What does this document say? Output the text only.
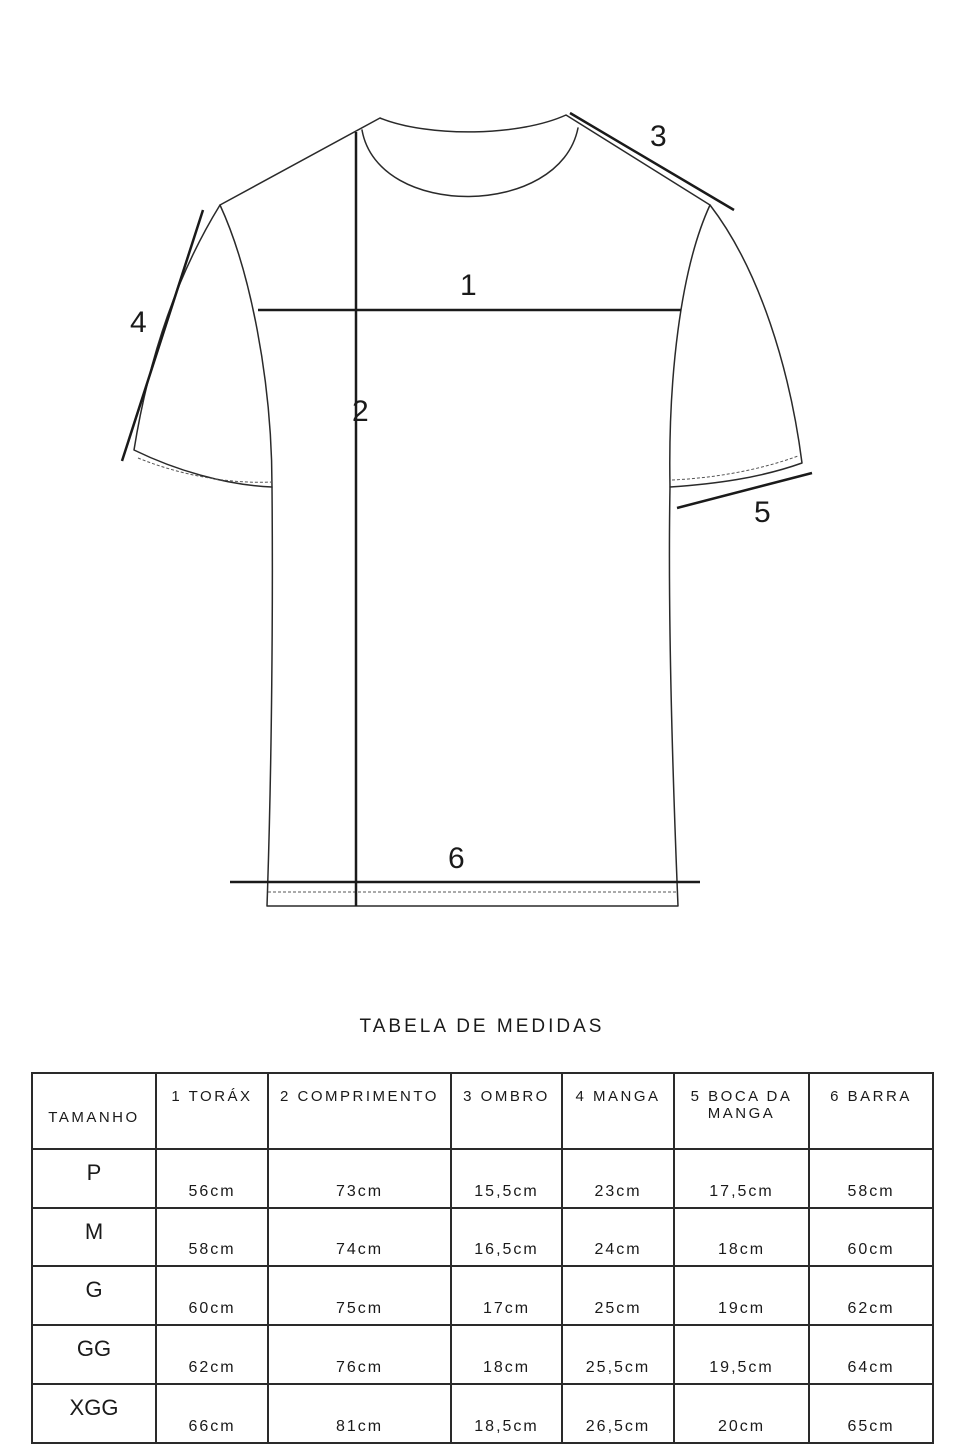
1
2
3
4
5
6
TABELA DE MEDIDAS
TAMANHO	1 TORÁX	2 COMPRIMENTO	3 OMBRO	4 MANGA	5 BOCA DA MANGA	6 BARRA
P	56cm	73cm	15,5cm	23cm	17,5cm	58cm
M	58cm	74cm	16,5cm	24cm	18cm	60cm
G	60cm	75cm	17cm	25cm	19cm	62cm
GG	62cm	76cm	18cm	25,5cm	19,5cm	64cm
XGG	66cm	81cm	18,5cm	26,5cm	20cm	65cm
